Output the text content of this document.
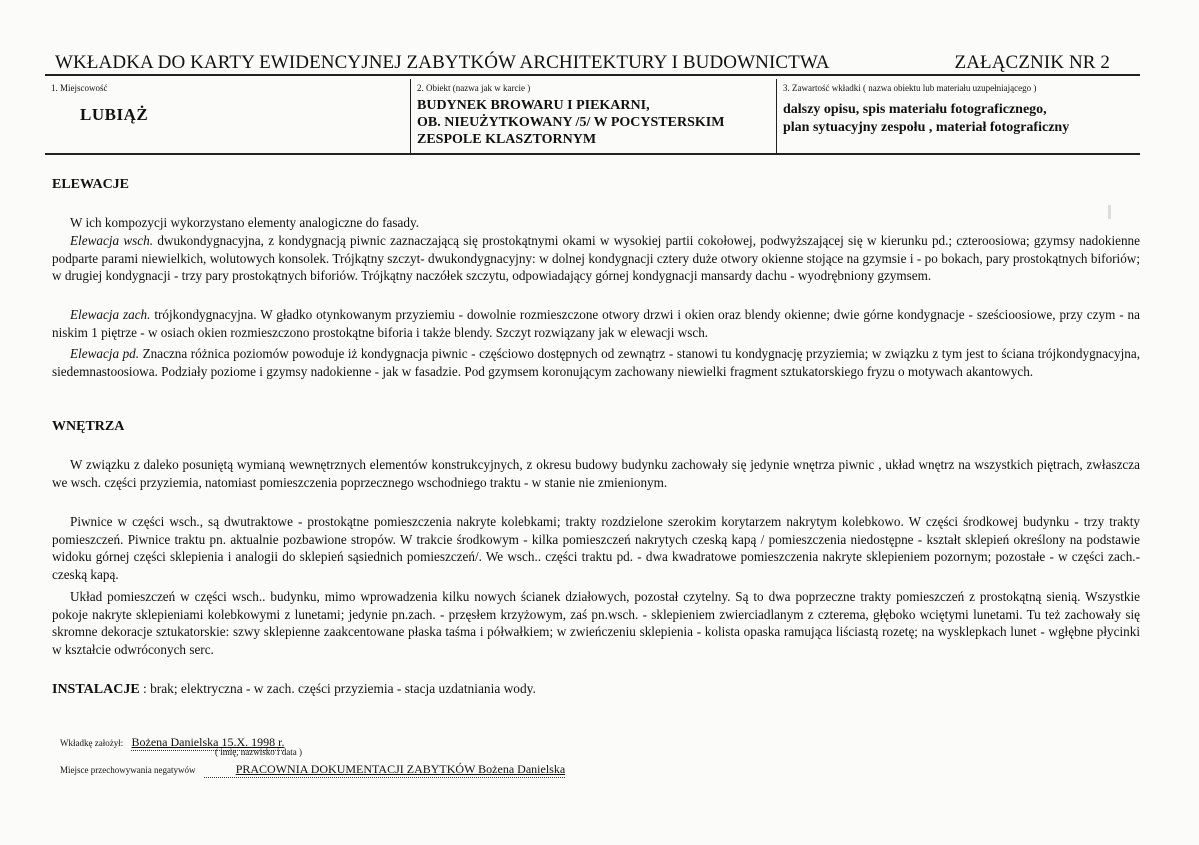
WKŁADKA DO KARTY EWIDENCYJNEJ ZABYTKÓW ARCHITEKTURY I BUDOWNICTWA	ZAŁĄCZNIK NR 2
1. Miejscowość
LUBIĄŻ
2. Obiekt (nazwa jak w karcie )
BUDYNEK BROWARU I PIEKARNI,
OB. NIEUŻYTKOWANY /5/ W POCYSTERSKIM
ZESPOLE KLASZTORNYM
3. Zawartość wkładki ( nazwa obiektu lub materiału uzupełniającego )
dalszy opisu, spis materiału fotograficznego,
plan sytuacyjny zespołu , materiał fotograficzny
ELEWACJE
W ich kompozycji wykorzystano elementy analogiczne do fasady.
Elewacja wsch. dwukondygnacyjna, z kondygnacją piwnic zaznaczającą się prostokątnymi okami w wysokiej partii cokołowej, podwyższającej się w kierunku pd.; czteroosiowa; gzymsy nadokienne podparte parami niewielkich, wolutowych konsolek. Trójkątny szczyt- dwukondygnacyjny: w dolnej kondygnacji cztery duże otwory okienne stojące na gzymsie i - po bokach, pary prostokątnych biforiów; w drugiej kondygnacji - trzy pary prostokątnych biforiów. Trójkątny naczółek szczytu, odpowiadający górnej kondygnacji mansardy dachu - wyodrębniony gzymsem.
Elewacja zach. trójkondygnacyjna. W gładko otynkowanym przyziemiu - dowolnie rozmieszczone otwory drzwi i okien oraz blendy okienne; dwie górne kondygnacje - sześcioosiowe, przy czym - na niskim 1 piętrze - w osiach okien rozmieszczono prostokątne biforia i także blendy. Szczyt rozwiązany jak w elewacji wsch.
Elewacja pd. Znaczna różnica poziomów powoduje iż kondygnacja piwnic - częściowo dostępnych od zewnątrz - stanowi tu kondygnację przyziemia; w związku z tym jest to ściana trójkondygnacyjna, siedemnastoosiowa. Podziały poziome i gzymsy nadokienne - jak w fasadzie. Pod gzymsem koronującym zachowany niewielki fragment sztukatorskiego fryzu o motywach akantowych.
WNĘTRZA
W związku z daleko posuniętą wymianą wewnętrznych elementów konstrukcyjnych, z okresu budowy budynku zachowały się jedynie wnętrza piwnic , układ wnętrz na wszystkich piętrach, zwłaszcza we wsch. części przyziemia, natomiast pomieszczenia poprzecznego wschodniego traktu - w stanie nie zmienionym.
Piwnice w części wsch., są dwutraktowe - prostokątne pomieszczenia nakryte kolebkami; trakty rozdzielone szerokim korytarzem nakrytym kolebkowo. W części środkowej budynku - trzy trakty pomieszczeń. Piwnice traktu pn. aktualnie pozbawione stropów. W trakcie środkowym - kilka pomieszczeń nakrytych czeską kapą / pomieszczenia niedostępne - kształt sklepień określony na podstawie widoku górnej części sklepienia i analogii do sklepień sąsiednich pomieszczeń/. We wsch.. części traktu pd. - dwa kwadratowe pomieszczenia nakryte sklepieniem pozornym; pozostałe - w części zach.- czeską kapą.
Układ pomieszczeń w części wsch.. budynku, mimo wprowadzenia kilku nowych ścianek działowych, pozostał czytelny. Są to dwa poprzeczne trakty pomieszczeń z prostokątną sienią. Wszystkie pokoje nakryte sklepieniami kolebkowymi z lunetami; jedynie pn.zach. - przęsłem krzyżowym, zaś pn.wsch. - sklepieniem zwierciadlanym z czterema, głęboko wciętymi lunetami. Tu też zachowały się skromne dekoracje sztukatorskie: szwy sklepienne zaakcentowane płaska taśma i półwałkiem; w zwieńczeniu sklepienia - kolista opaska ramująca liściastą rozetę; na wysklepkach lunet - wgłębne płycinki w kształcie odwróconych serc.
INSTALACJE : brak; elektryczna - w zach. części przyziemia - stacja uzdatniania wody.
Wkładkę założył: Bożena Danielska 15.X. 1998 r.
( imię, nazwisko i data )
Miejsce przechowywania negatywów	PRACOWNIA DOKUMENTACJI ZABYTKÓW Bożena Danielska
